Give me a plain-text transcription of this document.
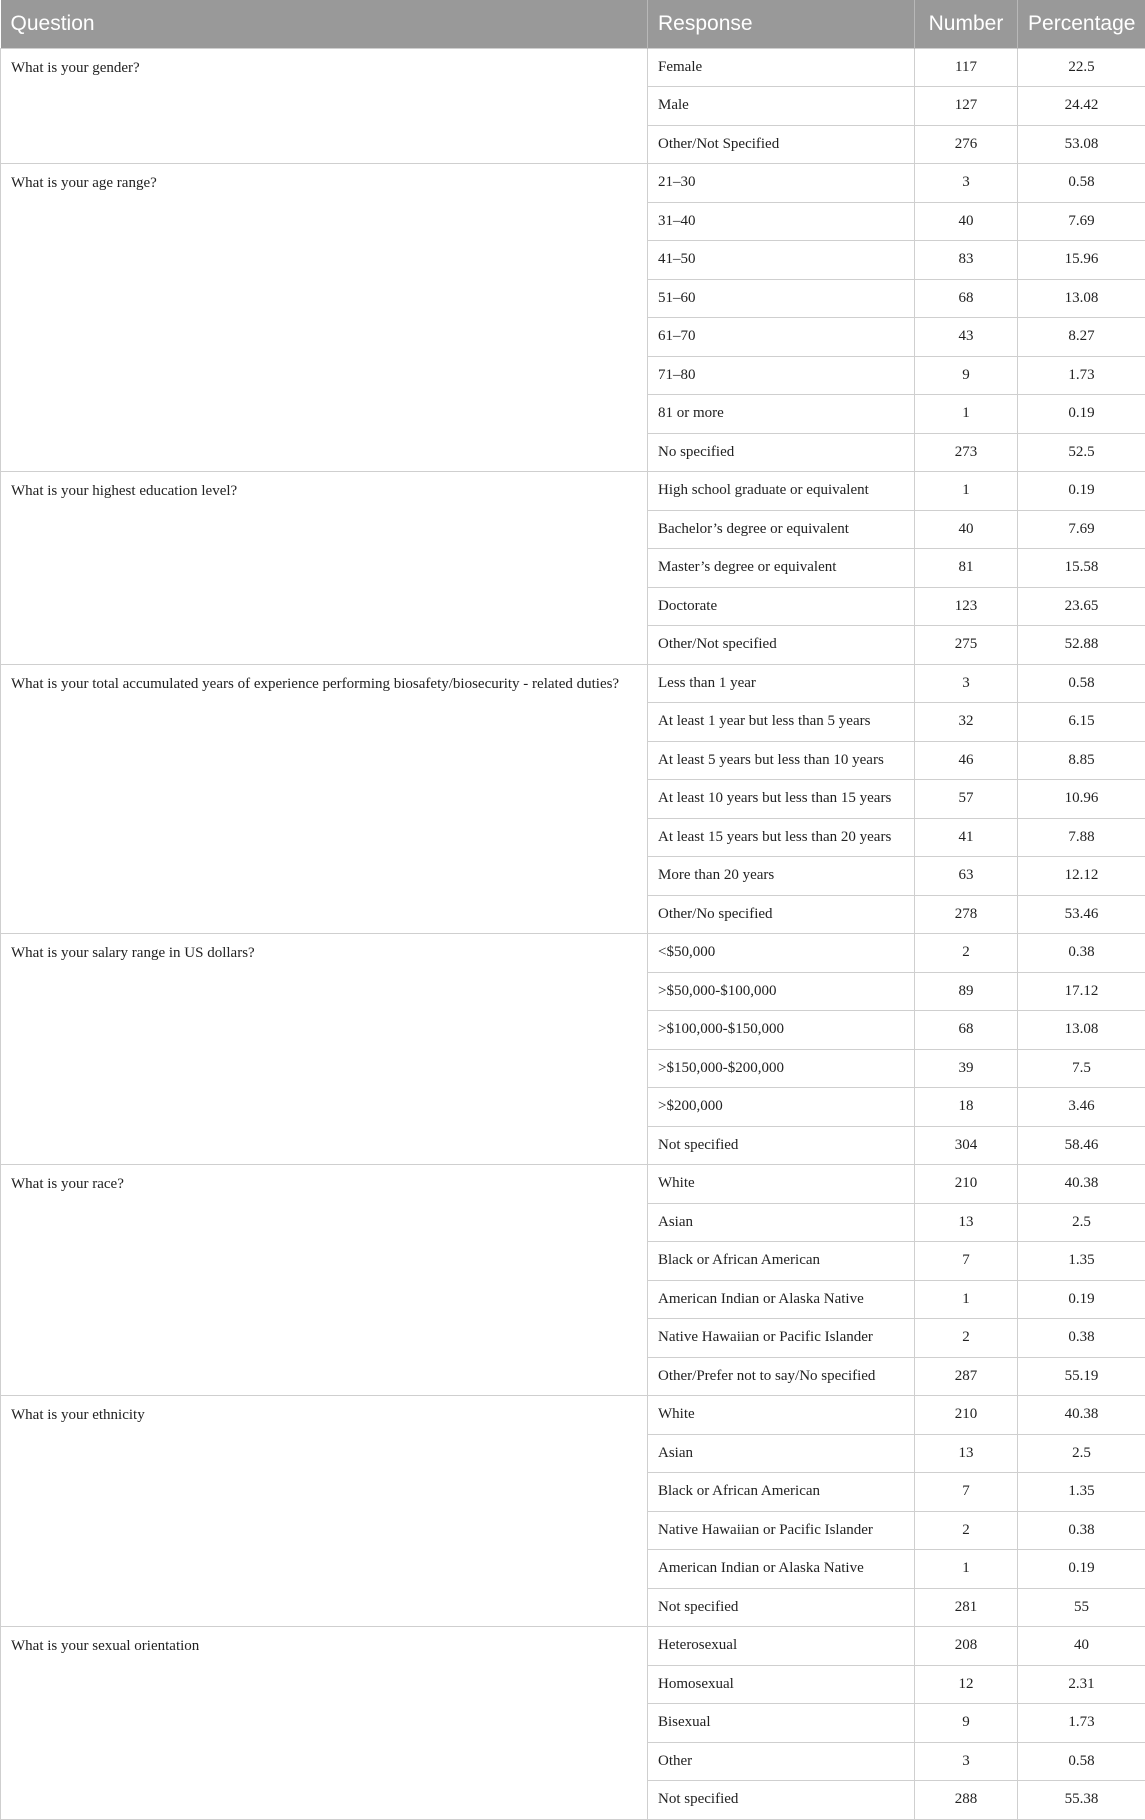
Question	Response	Number	Percentage
What is your gender?	Female	117	22.5
	Male	127	24.42
	Other/Not Specified	276	53.08
What is your age range?	21–30	3	0.58
	31–40	40	7.69
	41–50	83	15.96
	51–60	68	13.08
	61–70	43	8.27
	71–80	9	1.73
	81 or more	1	0.19
	No specified	273	52.5
What is your highest education level?	High school graduate or equivalent	1	0.19
	Bachelor’s degree or equivalent	40	7.69
	Master’s degree or equivalent	81	15.58
	Doctorate	123	23.65
	Other/Not specified	275	52.88
What is your total accumulated years of experience performing biosafety/biosecurity - related duties?	Less than 1 year	3	0.58
	At least 1 year but less than 5 years	32	6.15
	At least 5 years but less than 10 years	46	8.85
	At least 10 years but less than 15 years	57	10.96
	At least 15 years but less than 20 years	41	7.88
	More than 20 years	63	12.12
	Other/No specified	278	53.46
What is your salary range in US dollars?	<$50,000	2	0.38
	>$50,000-$100,000	89	17.12
	>$100,000-$150,000	68	13.08
	>$150,000-$200,000	39	7.5
	>$200,000	18	3.46
	Not specified	304	58.46
What is your race?	White	210	40.38
	Asian	13	2.5
	Black or African American	7	1.35
	American Indian or Alaska Native	1	0.19
	Native Hawaiian or Pacific Islander	2	0.38
	Other/Prefer not to say/No specified	287	55.19
What is your ethnicity	White	210	40.38
	Asian	13	2.5
	Black or African American	7	1.35
	Native Hawaiian or Pacific Islander	2	0.38
	American Indian or Alaska Native	1	0.19
	Not specified	281	55
What is your sexual orientation	Heterosexual	208	40
	Homosexual	12	2.31
	Bisexual	9	1.73
	Other	3	0.58
	Not specified	288	55.38
